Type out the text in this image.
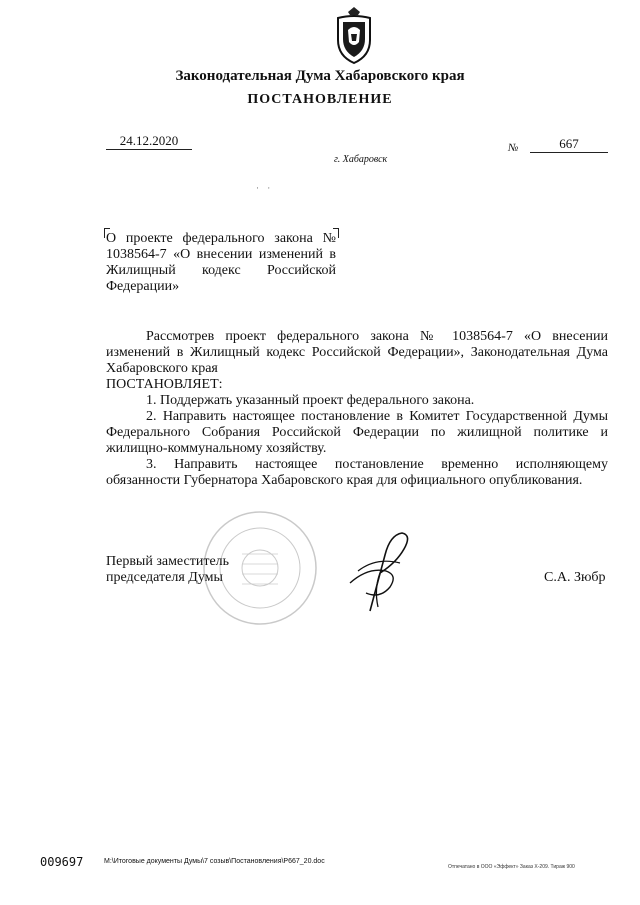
Законодательная Дума Хабаровского края
ПОСТАНОВЛЕНИЕ
24.12.2020	№	667
г. Хабаровск
· ·
О проекте федерального закона № 1038564-7 «О внесении изменений в Жилищный кодекс Российской Федерации»

Рассмотрев проект федерального закона № 1038564-7 «О внесении

изменений в Жилищный кодекс Российской Федерации», Законодательная Дума Хабаровского края

ПОСТАНОВЛЯЕТ:

1. Поддержать указанный проект федерального закона.

2. Направить настоящее постановление в Комитет Государственной Думы Федерального Собрания Российской Федерации по жилищной политике и жилищно-коммунальному хозяйству.

3. Направить настоящее постановление временно исполняющему обязанности Губернатора Хабаровского края для официального опубликования.

Первый заместитель
председателя Думы	С.А. Зюбр
009697	M:\Итоговые документы Думы\7 созыв\Постановления\Р667_20.doc
Отпечатано в ООО «Эффект» Заказ Х-209. Тираж 900
